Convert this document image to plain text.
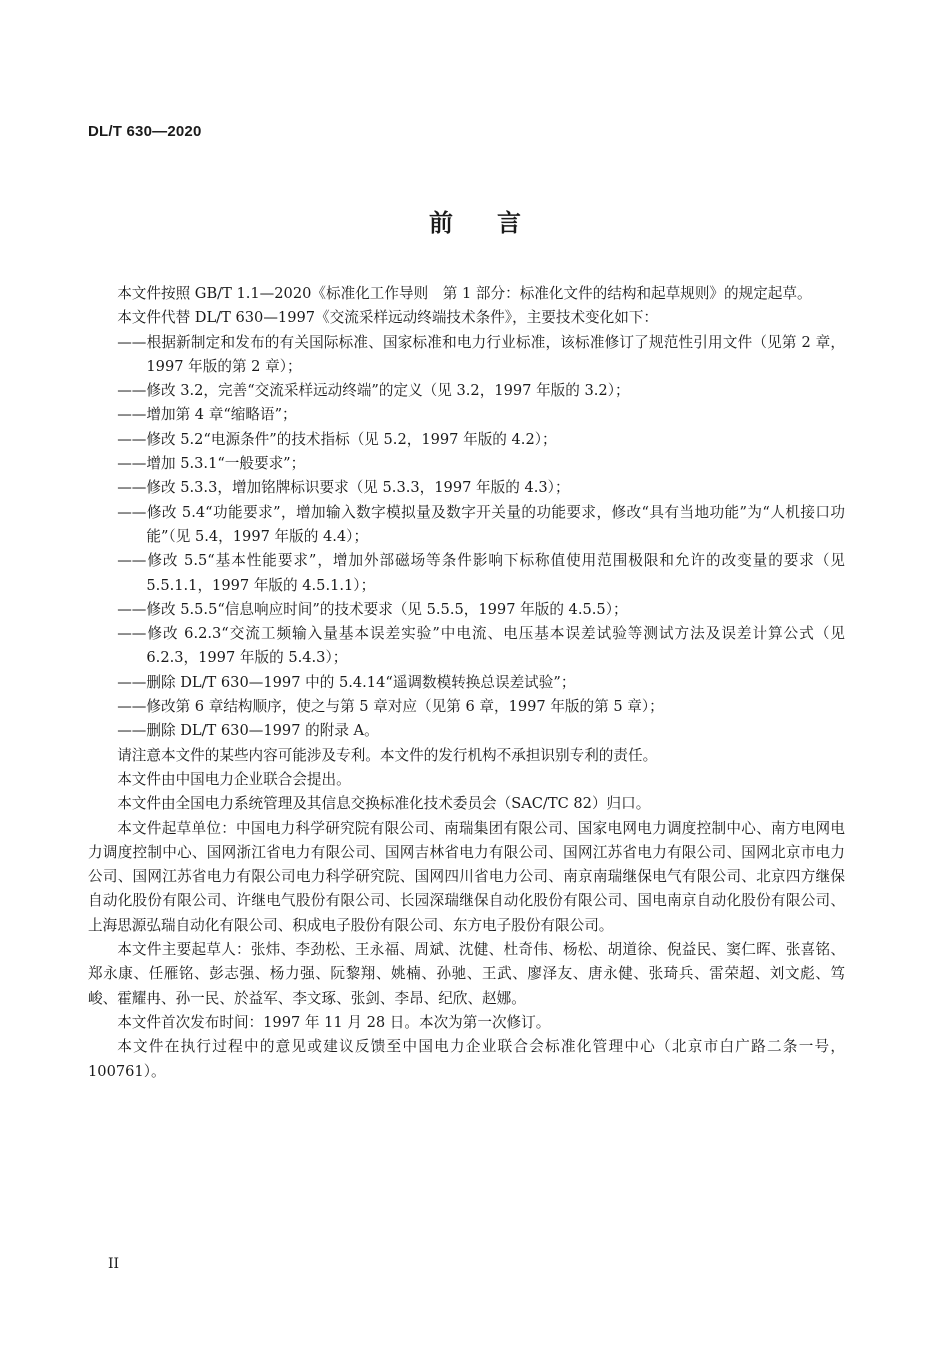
DL/T 630—2020
前言

本文件按照 GB/T 1.1—2020《标准化工作导则　第 1 部分：标准化文件的结构和起草规则》的规定起草。

本文件代替 DL/T 630—1997《交流采样远动终端技术条件》，主要技术变化如下：

——根据新制定和发布的有关国际标准、国家标准和电力行业标准，该标准修订了规范性引用文件（见第 2 章，1997 年版的第 2 章）；

——修改 3.2，完善“交流采样远动终端”的定义（见 3.2，1997 年版的 3.2）；

——增加第 4 章“缩略语”；

——修改 5.2“电源条件”的技术指标（见 5.2，1997 年版的 4.2）；

——增加 5.3.1“一般要求”；

——修改 5.3.3，增加铭牌标识要求（见 5.3.3，1997 年版的 4.3）；

——修改 5.4“功能要求”，增加输入数字模拟量及数字开关量的功能要求，修改“具有当地功能”为“人机接口功能”（见 5.4，1997 年版的 4.4）；

——修改 5.5“基本性能要求”，增加外部磁场等条件影响下标称值使用范围极限和允许的改变量的要求（见 5.5.1.1，1997 年版的 4.5.1.1）；

——修改 5.5.5“信息响应时间”的技术要求（见 5.5.5，1997 年版的 4.5.5）；

——修改 6.2.3“交流工频输入量基本误差实验”中电流、电压基本误差试验等测试方法及误差计算公式（见 6.2.3，1997 年版的 5.4.3）；

——删除 DL/T 630—1997 中的 5.4.14“遥调数模转换总误差试验”；

——修改第 6 章结构顺序，使之与第 5 章对应（见第 6 章，1997 年版的第 5 章）；

——删除 DL/T 630—1997 的附录 A。

请注意本文件的某些内容可能涉及专利。本文件的发行机构不承担识别专利的责任。

本文件由中国电力企业联合会提出。

本文件由全国电力系统管理及其信息交换标准化技术委员会（SAC/TC 82）归口。

本文件起草单位：中国电力科学研究院有限公司、南瑞集团有限公司、国家电网电力调度控制中心、南方电网电力调度控制中心、国网浙江省电力有限公司、国网吉林省电力有限公司、国网江苏省电力有限公司、国网北京市电力公司、国网江苏省电力有限公司电力科学研究院、国网四川省电力公司、南京南瑞继保电气有限公司、北京四方继保自动化股份有限公司、许继电气股份有限公司、长园深瑞继保自动化股份有限公司、国电南京自动化股份有限公司、上海思源弘瑞自动化有限公司、积成电子股份有限公司、东方电子股份有限公司。

本文件主要起草人：张炜、李劲松、王永福、周斌、沈健、杜奇伟、杨松、胡道徐、倪益民、窦仁晖、张喜铭、郑永康、任雁铭、彭志强、杨力强、阮黎翔、姚楠、孙驰、王武、廖泽友、唐永健、张琦兵、雷荣超、刘文彪、笃峻、霍耀冉、孙一民、於益军、李文琢、张剑、李昂、纪欣、赵娜。

本文件首次发布时间：1997 年 11 月 28 日。本次为第一次修订。

本文件在执行过程中的意见或建议反馈至中国电力企业联合会标准化管理中心（北京市白广路二条一号，100761）。

II
